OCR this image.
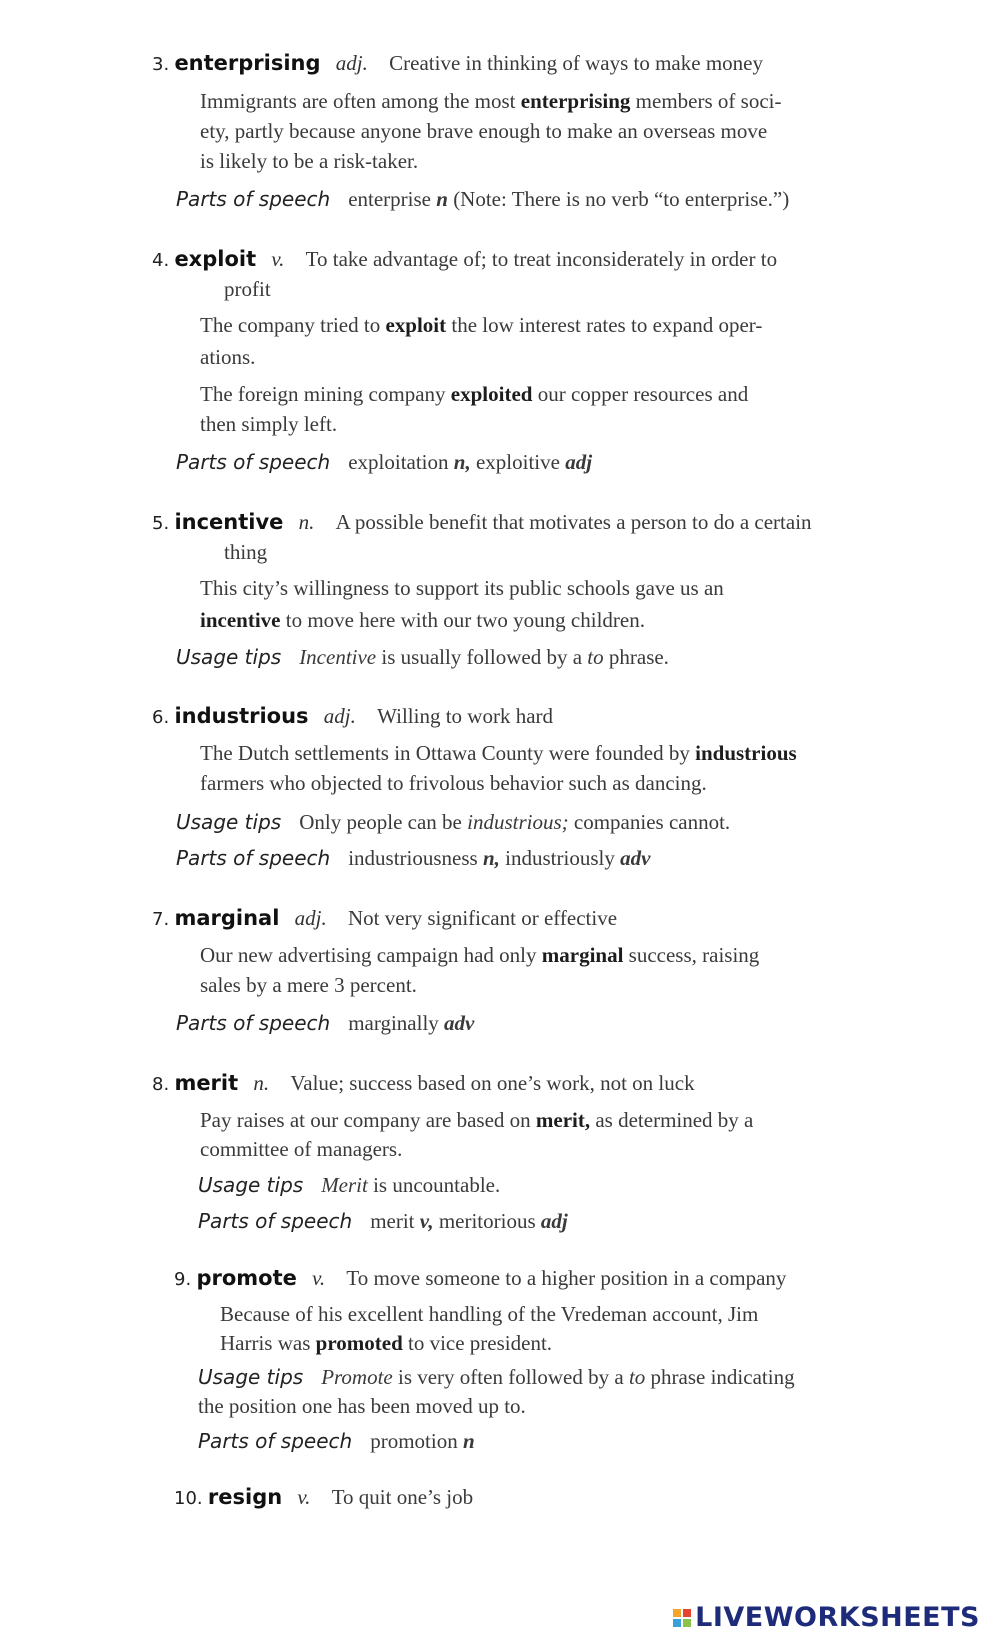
3. enterprising adj. Creative in thinking of ways to make money
Immigrants are often among the most enterprising members of soci-
ety, partly because anyone brave enough to make an overseas move
is likely to be a risk-taker.
Parts of speech enterprise n (Note: There is no verb “to enterprise.”)
4. exploit v. To take advantage of; to treat inconsiderately in order to
profit
The company tried to exploit the low interest rates to expand oper-
ations.
The foreign mining company exploited our copper resources and
then simply left.
Parts of speech exploitation n, exploitive adj
5. incentive n. A possible benefit that motivates a person to do a certain
thing
This city’s willingness to support its public schools gave us an
incentive to move here with our two young children.
Usage tips Incentive is usually followed by a to phrase.
6. industrious adj. Willing to work hard
The Dutch settlements in Ottawa County were founded by industrious
farmers who objected to frivolous behavior such as dancing.
Usage tips Only people can be industrious; companies cannot.
Parts of speech industriousness n, industriously adv
7. marginal adj. Not very significant or effective
Our new advertising campaign had only marginal success, raising
sales by a mere 3 percent.
Parts of speech marginally adv
8. merit n. Value; success based on one’s work, not on luck
Pay raises at our company are based on merit, as determined by a
committee of managers.
Usage tips Merit is uncountable.
Parts of speech merit v, meritorious adj
9. promote v. To move someone to a higher position in a company
Because of his excellent handling of the Vredeman account, Jim
Harris was promoted to vice president.
Usage tips Promote is very often followed by a to phrase indicating
the position one has been moved up to.
Parts of speech promotion n
10. resign v. To quit one’s job
LIVEWORKSHEETS
